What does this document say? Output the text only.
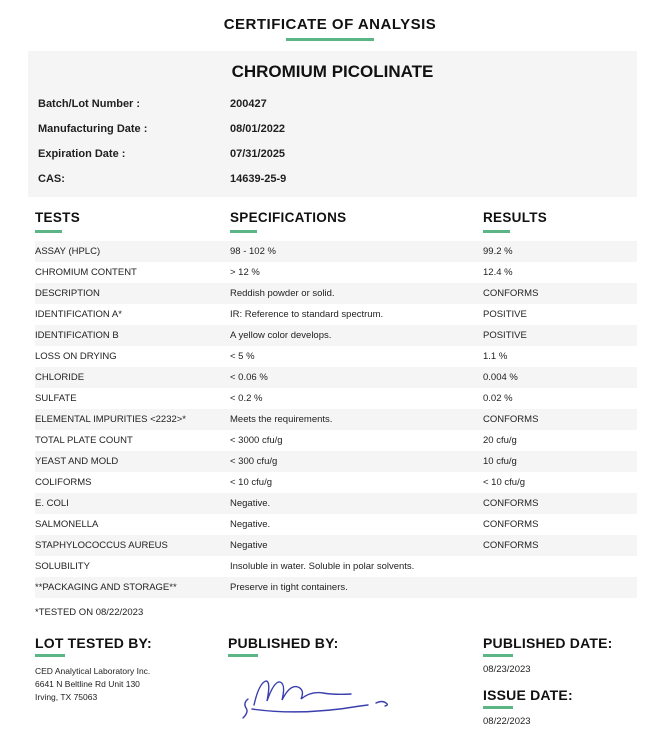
CERTIFICATE OF ANALYSIS
CHROMIUM PICOLINATE
Batch/Lot Number :	200427
Manufacturing Date :	08/01/2022
Expiration Date :	07/31/2025
CAS:	14639-25-9
TESTS	SPECIFICATIONS	RESULTS
ASSAY (HPLC)	98 - 102 %	99.2 %
CHROMIUM CONTENT	> 12 %	12.4 %
DESCRIPTION	Reddish powder or solid.	CONFORMS
IDENTIFICATION A*	IR: Reference to standard spectrum.	POSITIVE
IDENTIFICATION B	A yellow color develops.	POSITIVE
LOSS ON DRYING	< 5 %	1.1 %
CHLORIDE	< 0.06 %	0.004 %
SULFATE	< 0.2 %	0.02 %
ELEMENTAL IMPURITIES <2232>*	Meets the requirements.	CONFORMS
TOTAL PLATE COUNT	< 3000 cfu/g	20 cfu/g
YEAST AND MOLD	< 300 cfu/g	10 cfu/g
COLIFORMS	< 10 cfu/g	< 10 cfu/g
E. COLI	Negative.	CONFORMS
SALMONELLA	Negative.	CONFORMS
STAPHYLOCOCCUS AUREUS	Negative	CONFORMS
SOLUBILITY	Insoluble in water. Soluble in polar solvents.
**PACKAGING AND STORAGE**	Preserve in tight containers.
*TESTED ON 08/22/2023
LOT TESTED BY:
CED Analytical Laboratory Inc.
6641 N Beltline Rd Unit 130
Irving, TX 75063
PUBLISHED BY:	PUBLISHED DATE:
08/23/2023
ISSUE DATE:
08/22/2023
